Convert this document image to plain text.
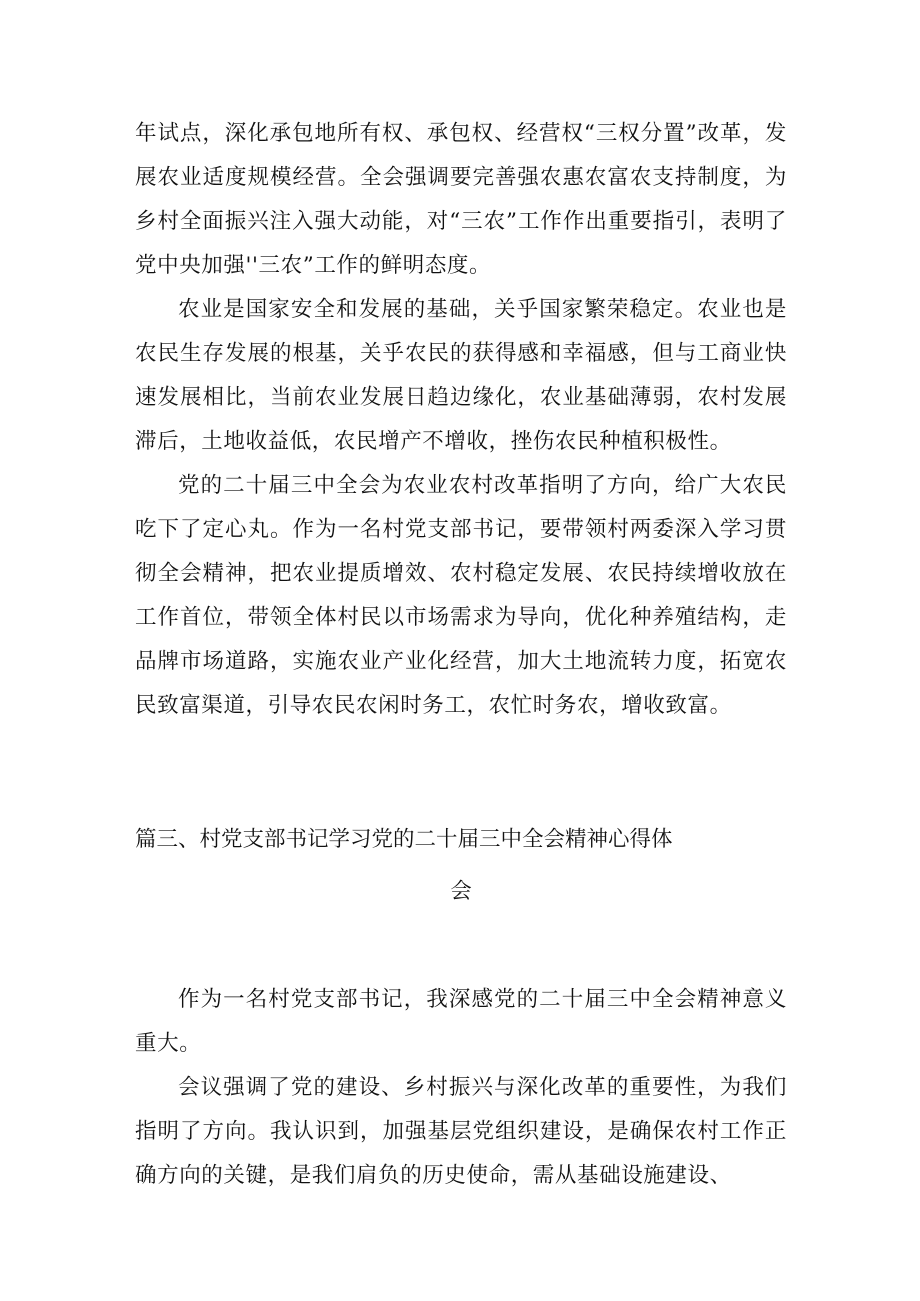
年试点，深化承包地所有权、承包权、经营权“三权分置”改革，发展农业适度规模经营。全会强调要完善强农惠农富农支持制度，为乡村全面振兴注入强大动能，对“三农”工作作出重要指引，表明了党中央加强''三农”工作的鲜明态度。

农业是国家安全和发展的基础，关乎国家繁荣稳定。农业也是农民生存发展的根基，关乎农民的获得感和幸福感，但与工商业快速发展相比，当前农业发展日趋边缘化，农业基础薄弱，农村发展滞后，土地收益低，农民增产不增收，挫伤农民种植积极性。

党的二十届三中全会为农业农村改革指明了方向，给广大农民吃下了定心丸。作为一名村党支部书记，要带领村两委深入学习贯彻全会精神，把农业提质增效、农村稳定发展、农民持续增收放在工作首位，带领全体村民以市场需求为导向，优化种养殖结构，走品牌市场道路，实施农业产业化经营，加大土地流转力度，拓宽农民致富渠道，引导农民农闲时务工，农忙时务农，增收致富。

篇三、村党支部书记学习党的二十届三中全会精神心得体
会

作为一名村党支部书记，我深感党的二十届三中全会精神意义重大。

会议强调了党的建设、乡村振兴与深化改革的重要性，为我们指明了方向。我认识到，加强基层党组织建设，是确保农村工作正确方向的关键，是我们肩负的历史使命，需从基础设施建设、
